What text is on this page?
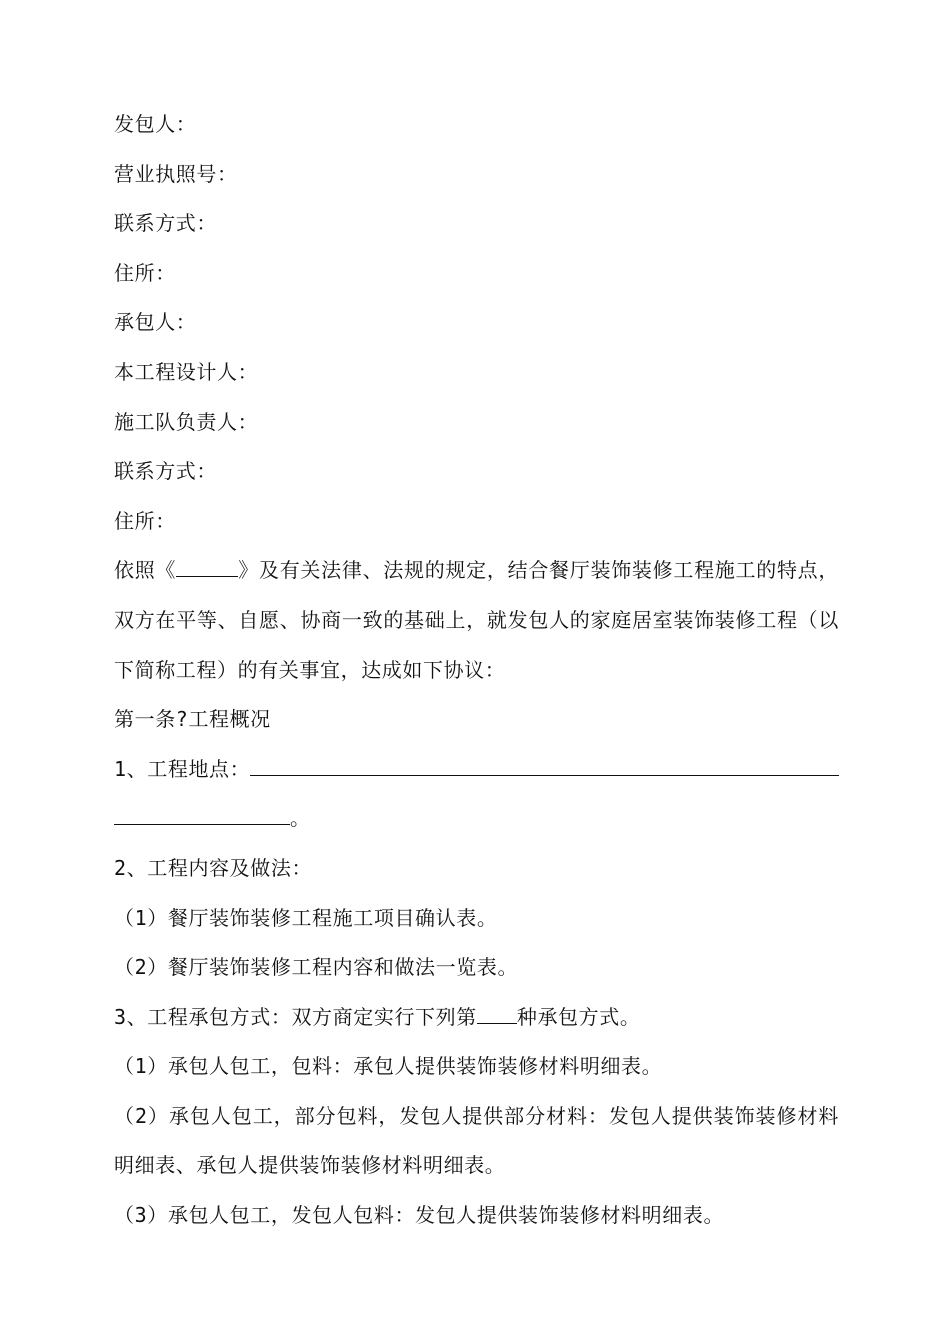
发包人：
营业执照号：
联系方式：
住所：
承包人：
本工程设计人：
施工队负责人：
联系方式：
住所：
依照《	》及有关法律、法规的规定，结合餐厅装饰装修工程施工的特点，双方在平等、自愿、协商一致的基础上，就发包人的家庭居室装饰装修工程（以下简称工程）的有关事宜，达成如下协议：
第一条?工程概况
1、工程地点：
。
2、工程内容及做法：
（1）餐厅装饰装修工程施工项目确认表。
（2）餐厅装饰装修工程内容和做法一览表。
3、工程承包方式：双方商定实行下列第 种承包方式。
（1）承包人包工，包料：承包人提供装饰装修材料明细表。
（2）承包人包工，部分包料，发包人提供部分材料：发包人提供装饰装修材料明细表、承包人提供装饰装修材料明细表。
（3）承包人包工，发包人包料：发包人提供装饰装修材料明细表。
